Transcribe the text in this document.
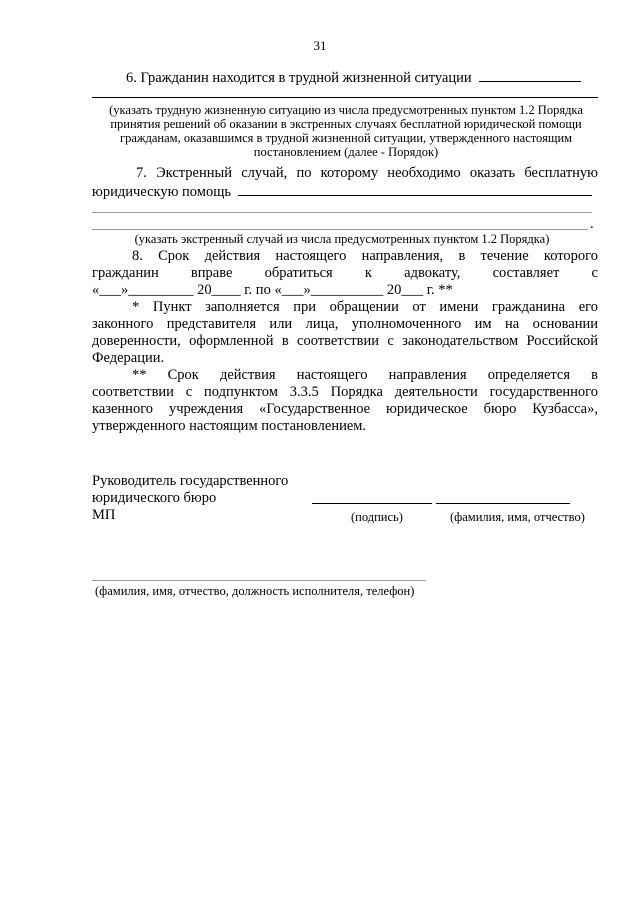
31
6. Гражданин находится в трудной жизненной ситуации
(указать трудную жизненную ситуацию из числа предусмотренных пунктом 1.2 Порядка
принятия решений об оказании в экстренных случаях бесплатной юридической помощи
гражданам, оказавшимся в трудной жизненной ситуации, утвержденного настоящим
постановлением (далее - Порядок)
7. Экстренный случай, по которому необходимо оказать бесплатную
юридическую помощь
.
(указать экстренный случай из числа предусмотренных пунктом 1.2 Порядка)
8. Срок действия настоящего направления, в течение которого
гражданин вправе обратиться к адвокату, составляет с
«___»_________ 20____ г. по «___»__________ 20___ г. **
* Пункт заполняется при обращении от имени гражданина его
законного представителя или лица, уполномоченного им на основании
доверенности, оформленной в соответствии с законодательством Российской
Федерации.
** Срок действия настоящего направления определяется в
соответствии с подпунктом 3.3.5 Порядка деятельности государственного
казенного учреждения «Государственное юридическое бюро Кузбасса»,
утвержденного настоящим постановлением.
Руководитель государственного
юридического бюро
МП	(подпись)	(фамилия, имя, отчество)
(фамилия, имя, отчество, должность исполнителя, телефон)
